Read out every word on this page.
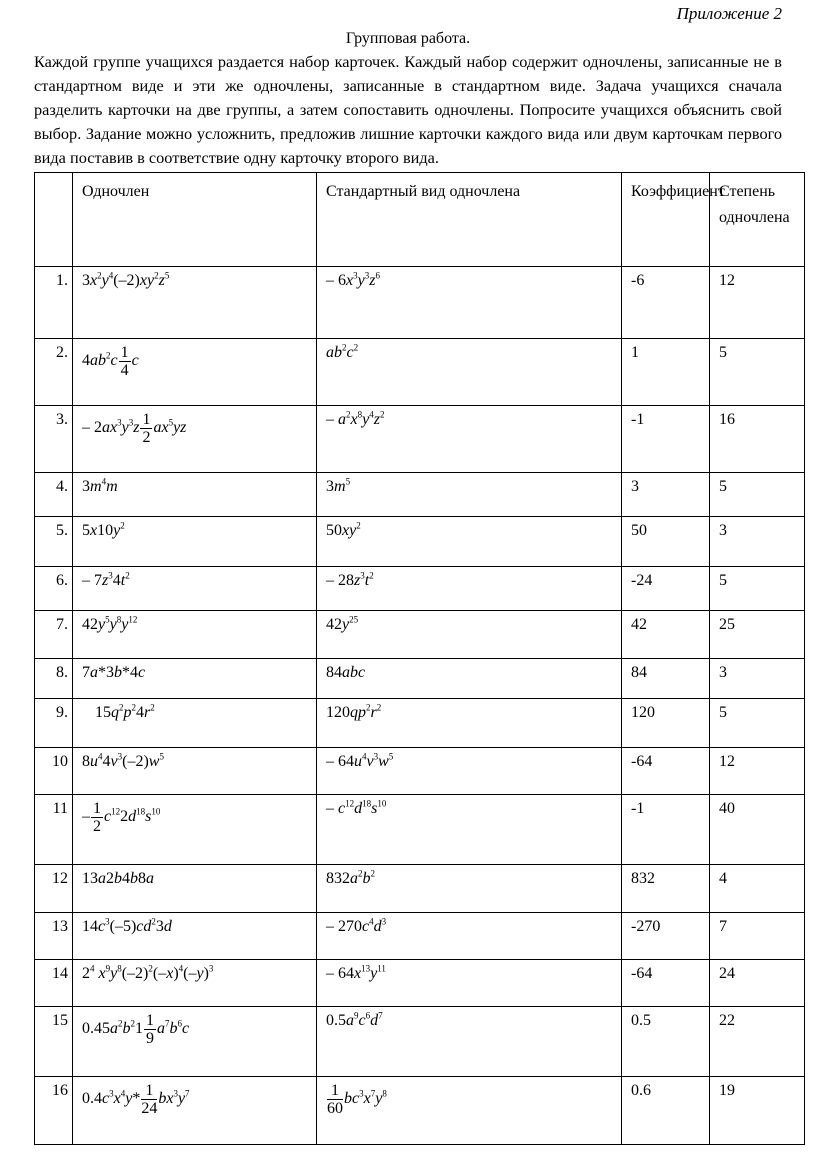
Приложение 2
Групповая работа.
Каждой группе учащихся раздается набор карточек. Каждый набор содержит одночлены, записанные не в стандартном виде и эти же одночлены, записанные в стандартном виде. Задача учащихся сначала разделить карточки на две группы, а затем сопоставить одночлены. Попросите учащихся объяснить свой выбор. Задание можно усложнить, предложив лишние карточки каждого вида или двум карточкам первого вида поставив в соответствие одну карточку второго вида.
	Одночлен	Стандартный вид одночлена	Коэффициент	Степень одночлена
1.	$3x^2y^4(-2)xy^2z^5$	– $6x^3y^3z^6$	-6	12
2.	$4ab^2c \frac{1}{4}$ c	$ab^2c^2$	1	5
3.	– $2ax^3y^3z \frac{1}{2} ax^5yz$	– $a^2x^8y^4z^2$	-1	16
4.	$3m^4m$	$3m^5$	3	5
5.	$5x10y^2$	$50xy^2$	50	3
6.	– $7z^34t^2$	– $28z^3t^2$	-24	5
7.	$42y^5y^8y^{12}$	$42y^{25}$	42	25
8.	7a*3b*4c	84abc	84	3
9.	$15q^2p^24r^2$	$120qp^2r^2$	120	5
10	$8u^44v^3(-2)w^5$	– $64u^4v^3w^5$	-64	12
11	– $\frac{1}{2} c^{12}2d^{18}s^{10}$	– $c^{12}d^{18}s^{10}$	-1	40
12	13a2b4b8a	$832a^2b^2$	832	4
13	$14c^3(-5)cd^23d$	– $270c^4d^3$	-270	7
14	$2^4$ $x^9y^8(-2)^2(-x)^4(-y)^3$	– $64x^{13}y^{11}$	-64	24
15	$0.45a^2b^21 \frac{1}{9} a^7b^6c$	$0.5a^9c^6d^7$	0.5	22
16	$0.4c^3x^4y* \frac{1}{24} bx^3y^7$	$\frac{1}{60} bc^3x^7y^8$	0.6	19
